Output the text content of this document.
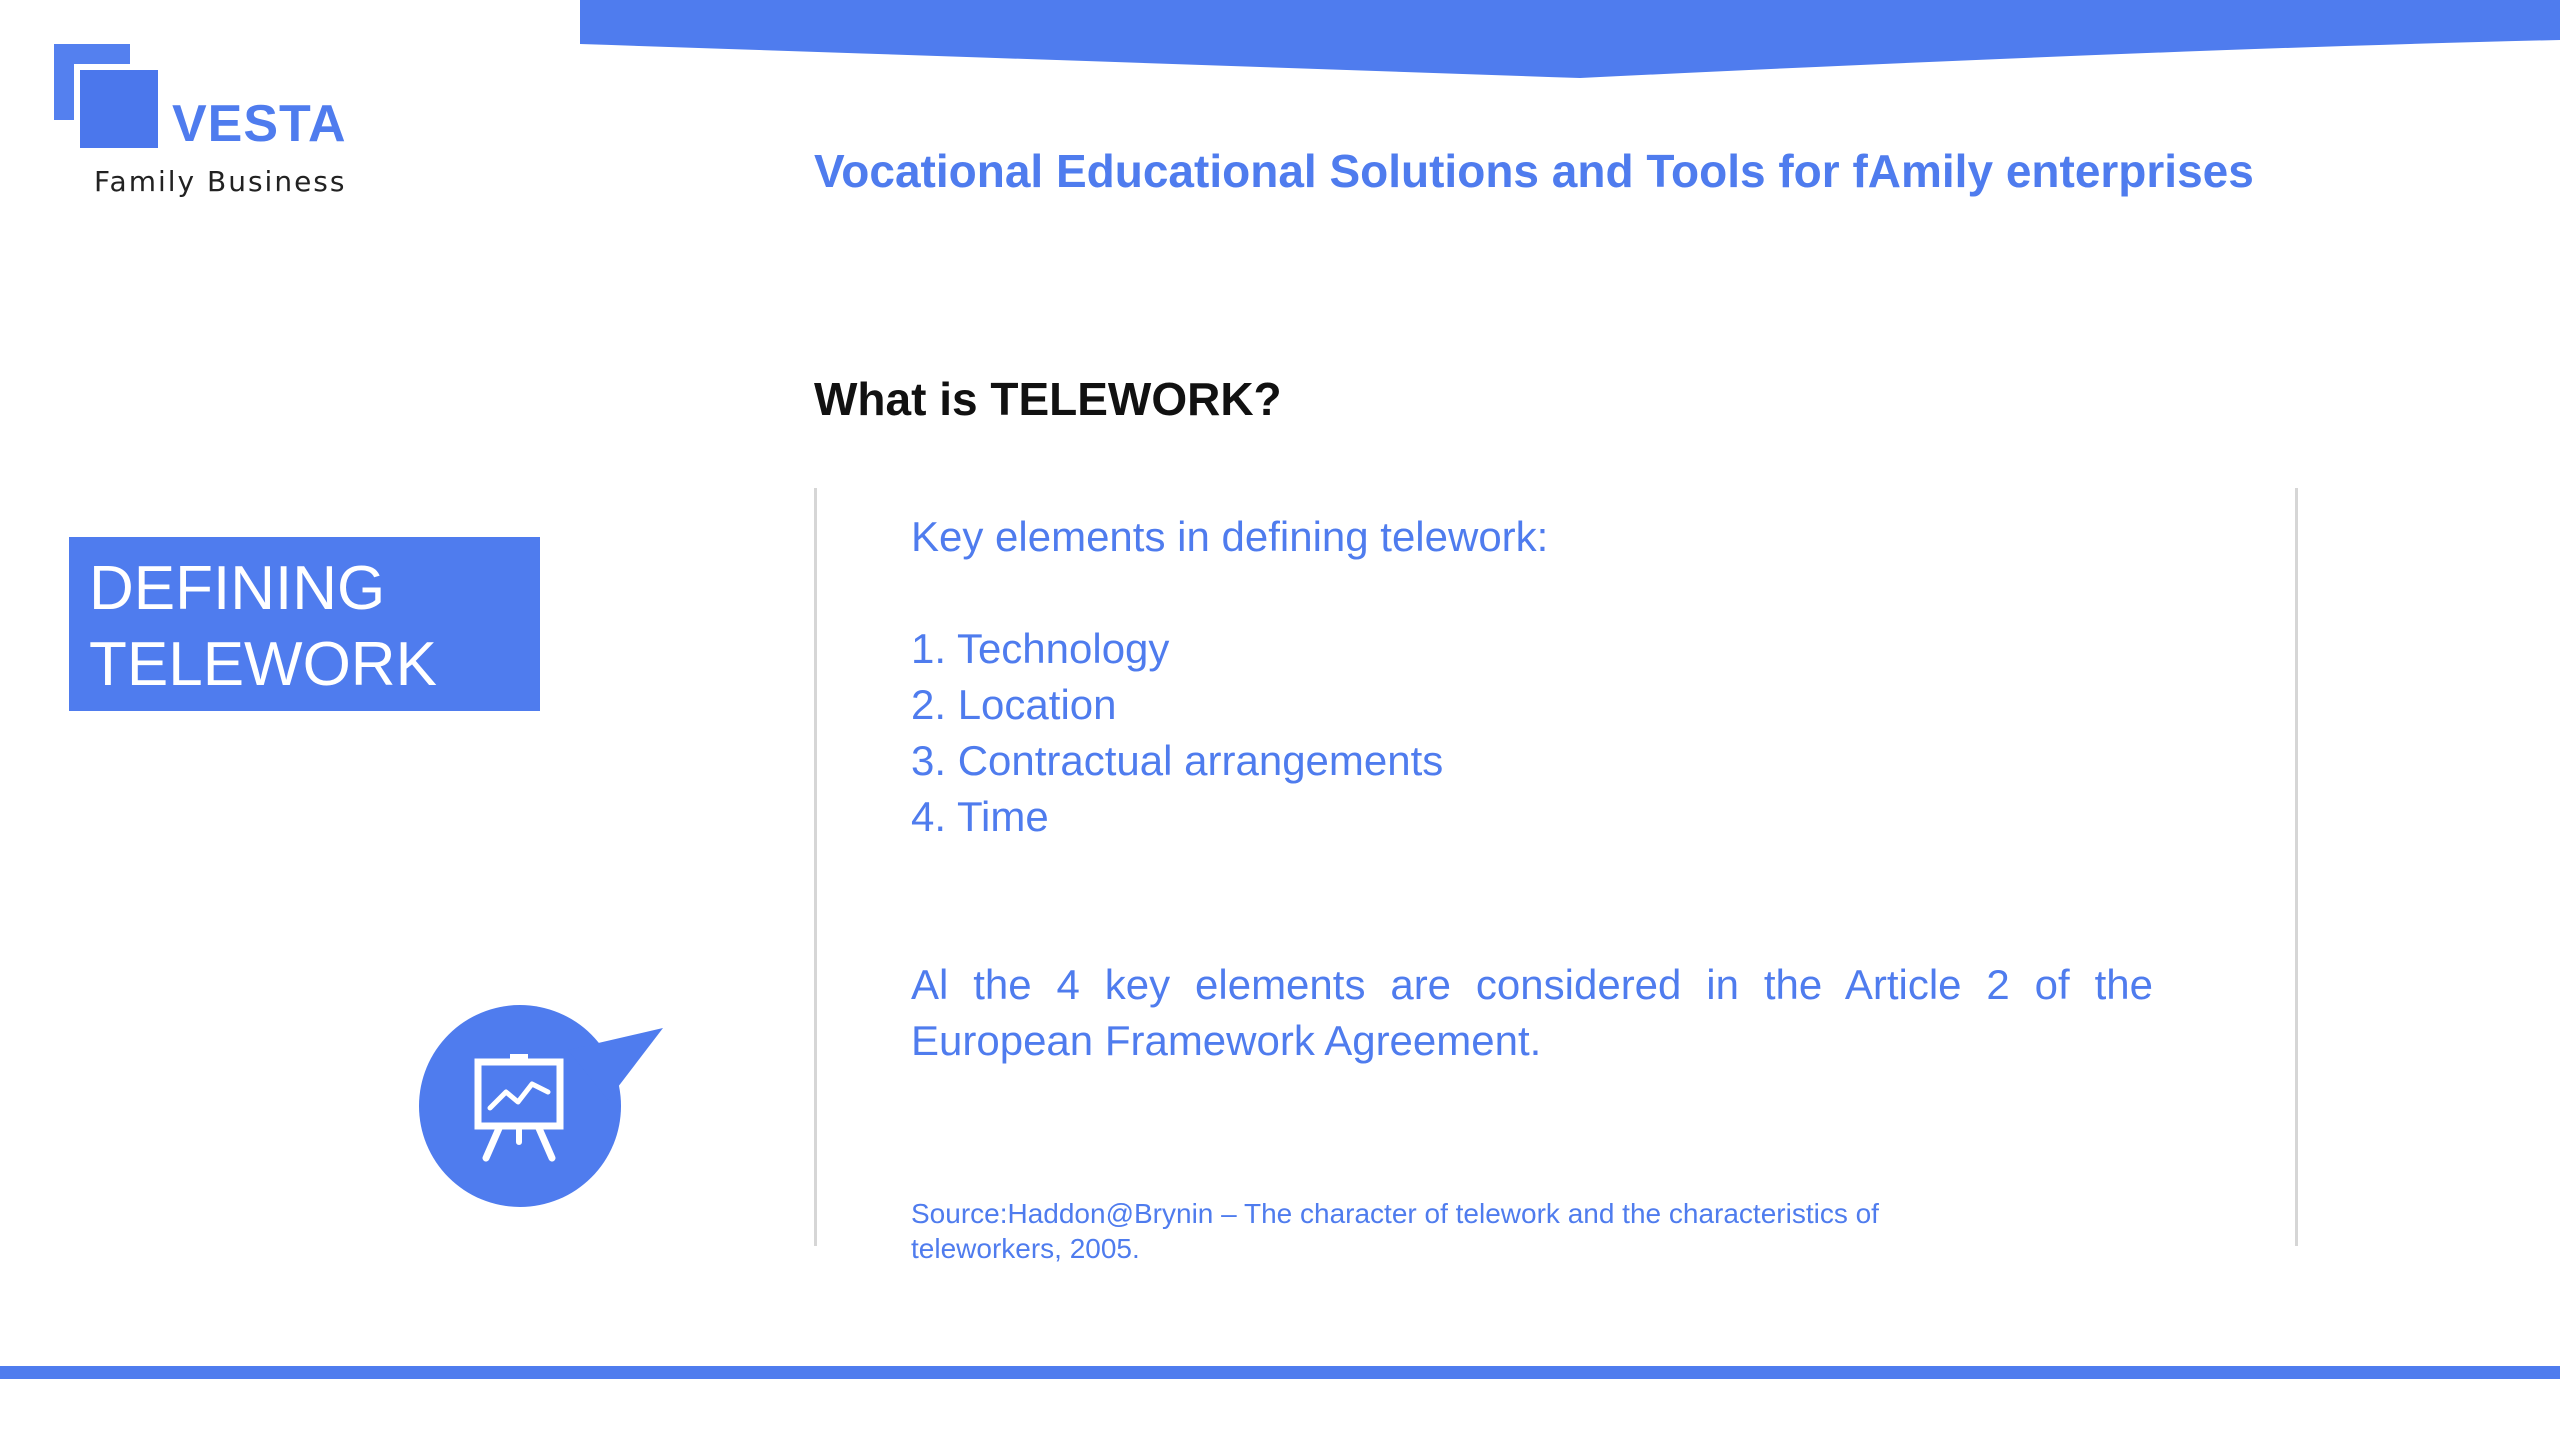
VESTA
Family Business	Vocational Educational Solutions and Tools for fAmily enterprises
What is TELEWORK?
DEFINING
TELEWORK

Key elements in defining telework:

1. Technology
2. Location
3. Contractual arrangements
4. Time

Al the 4 key elements are considered in the Article 2 of the European Framework Agreement.

Source:Haddon@Brynin – The character of telework and the characteristics of teleworkers, 2005.
